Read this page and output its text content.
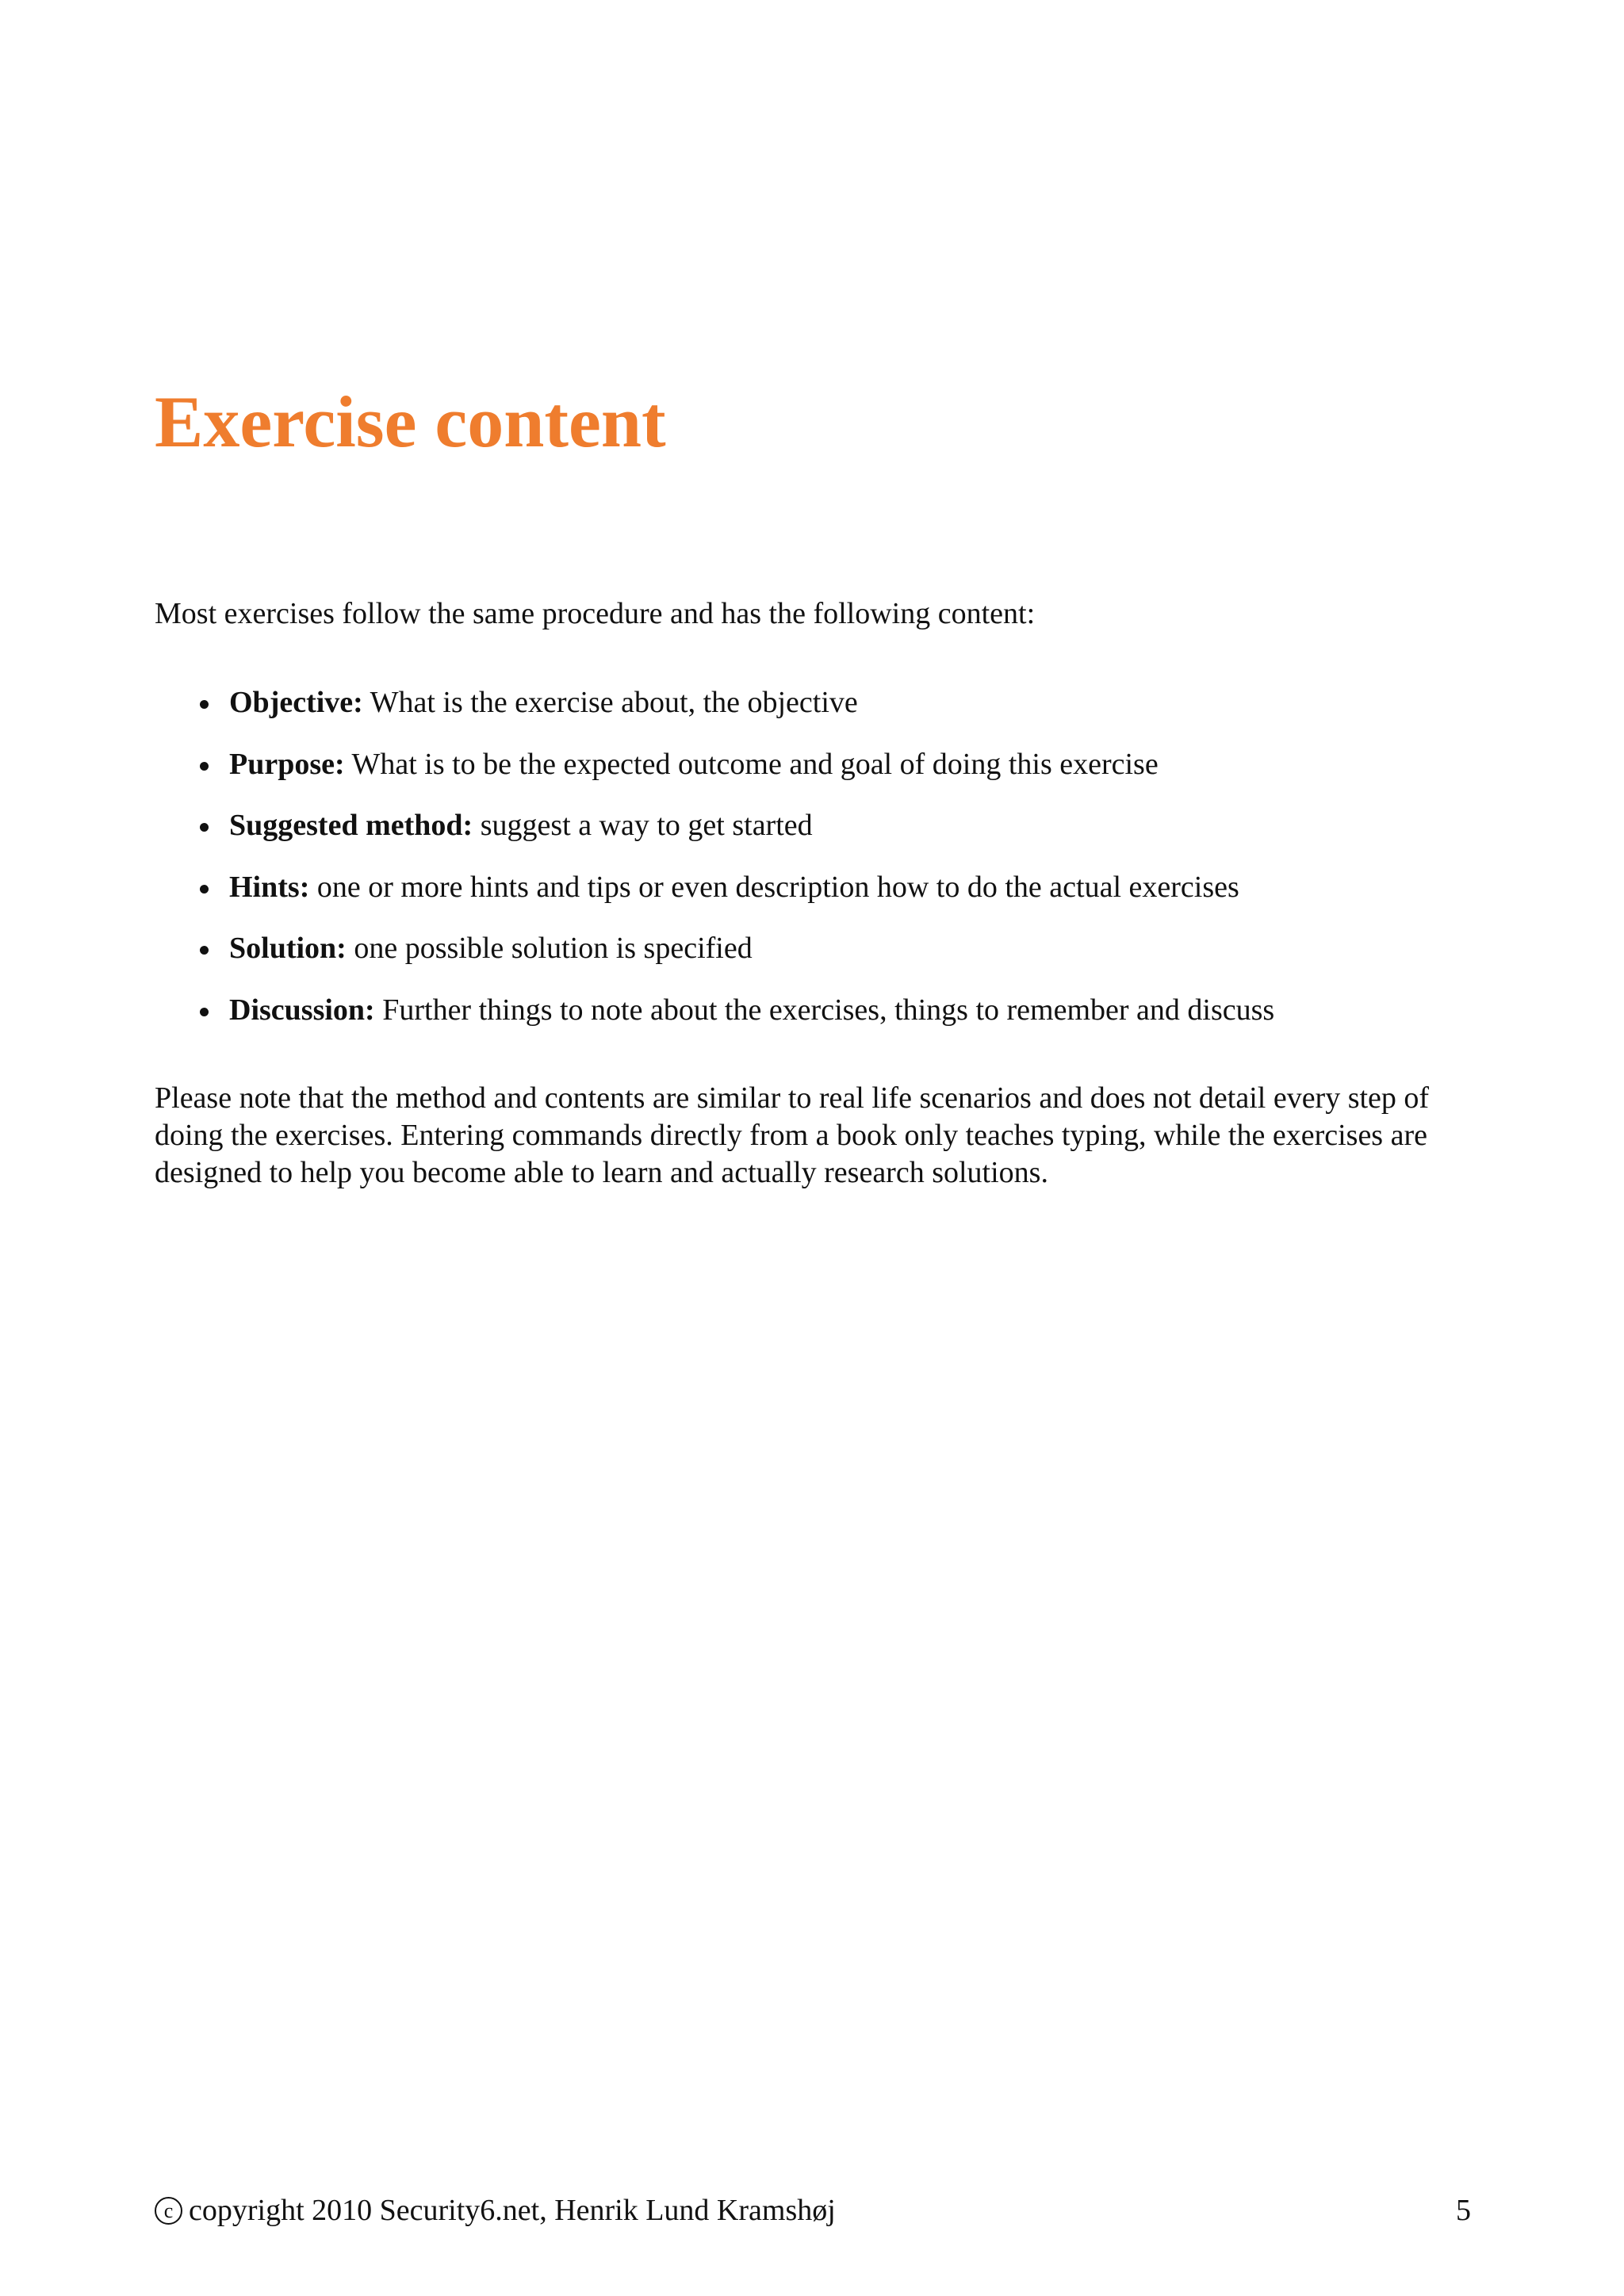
Exercise content

Most exercises follow the same procedure and has the following content:

Objective: What is the exercise about, the objective
Purpose: What is to be the expected outcome and goal of doing this exercise
Suggested method: suggest a way to get started
Hints: one or more hints and tips or even description how to do the actual exercises
Solution: one possible solution is specified
Discussion: Further things to note about the exercises, things to remember and discuss

Please note that the method and contents are similar to real life scenarios and does not detail every step of doing the exercises. Entering commands directly from a book only teaches typing, while the exercises are designed to help you become able to learn and actually research solutions.

c copyright 2010 Security6.net, Henrik Lund Kramshøj	5
